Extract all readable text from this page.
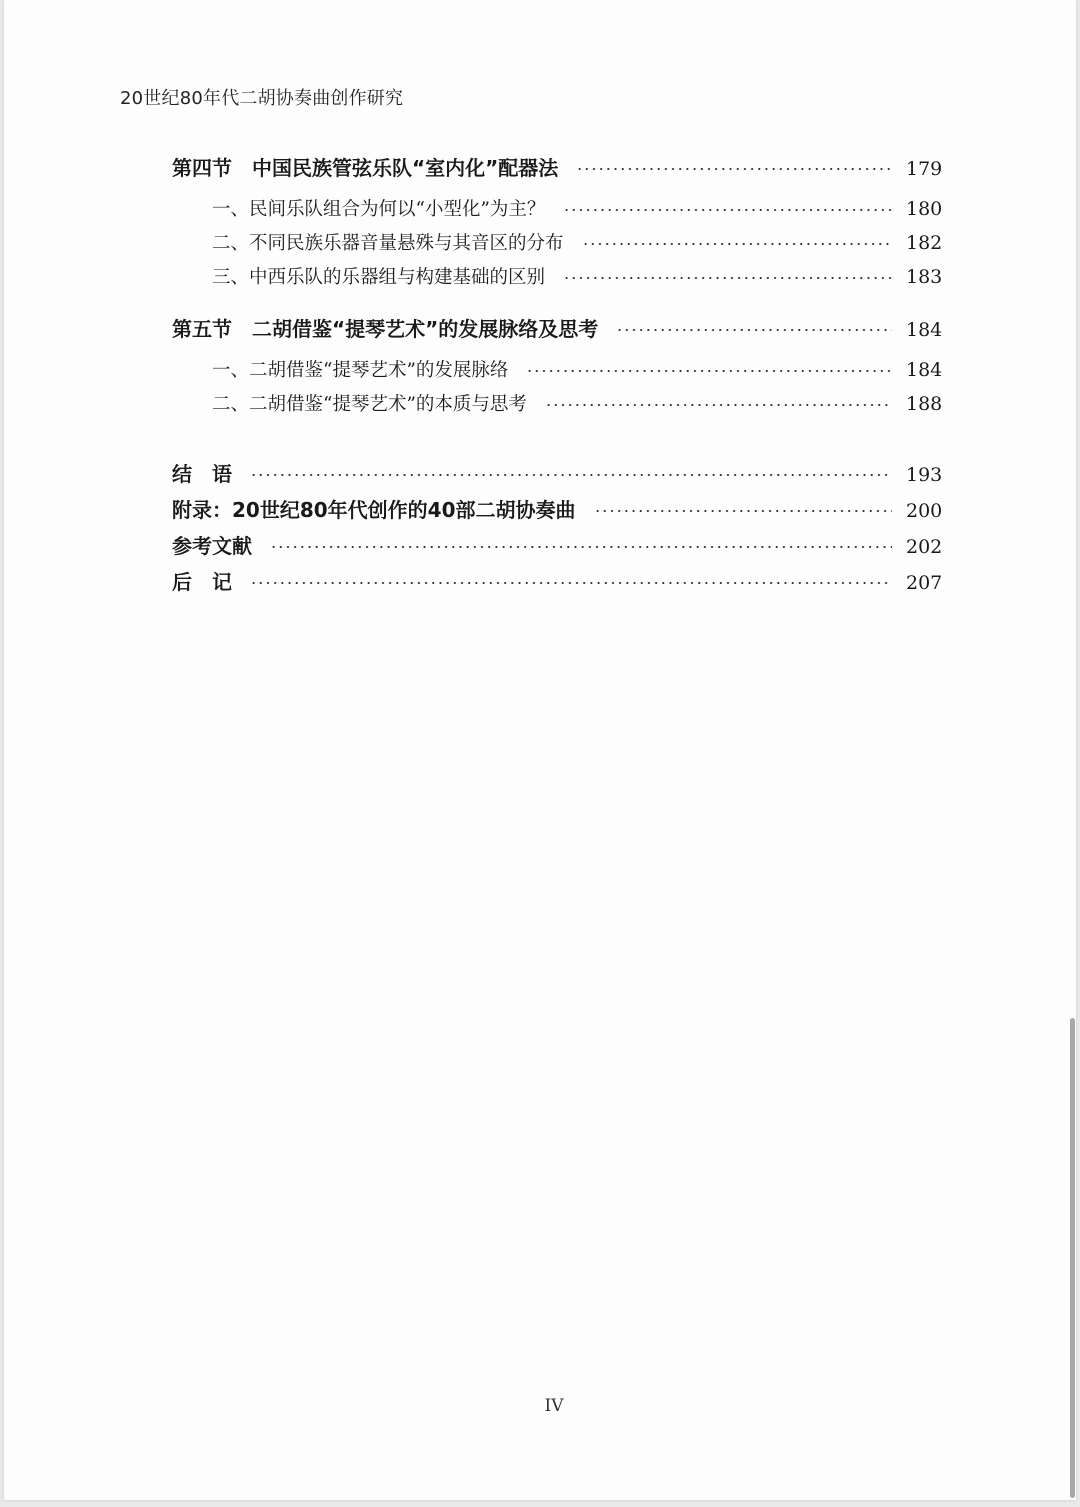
20世纪80年代二胡协奏曲创作研究
第四节　中国民族管弦乐队“室内化”配器法	179
一、民间乐队组合为何以“小型化”为主？	180
二、不同民族乐器音量悬殊与其音区的分布	182
三、中西乐队的乐器组与构建基础的区别	183
第五节　二胡借鉴“提琴艺术”的发展脉络及思考	184
一、二胡借鉴“提琴艺术”的发展脉络	184
二、二胡借鉴“提琴艺术”的本质与思考	188
结　语	193
附录：20世纪80年代创作的40部二胡协奏曲	200
参考文献	202
后　记	207
IV
